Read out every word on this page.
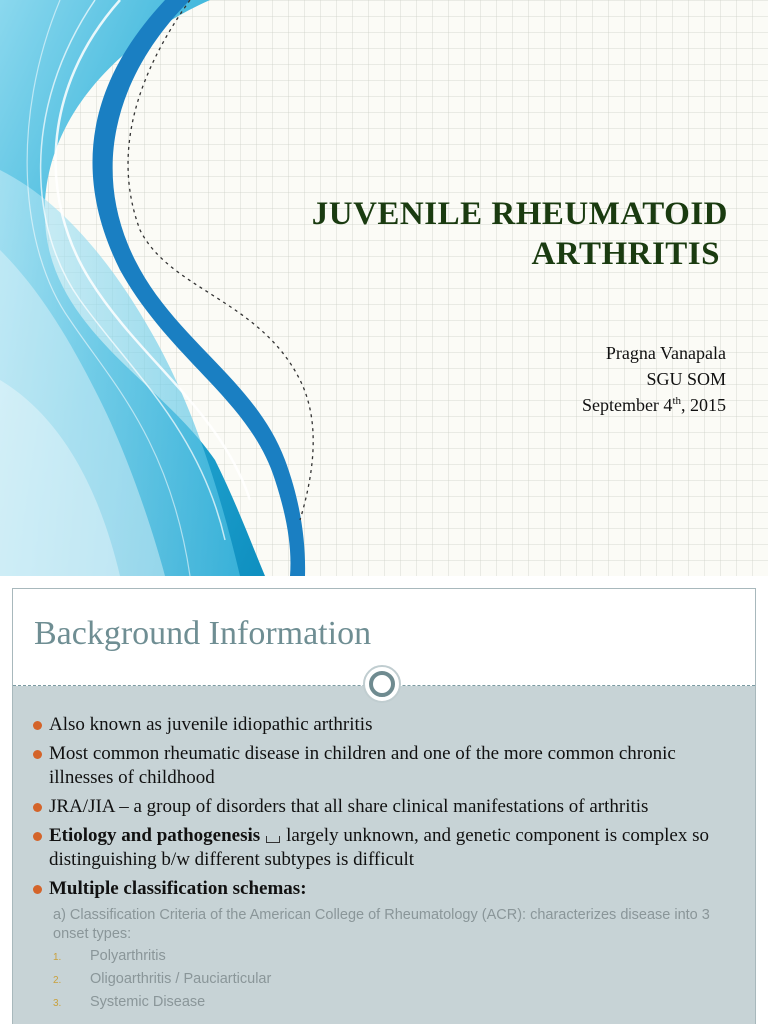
JUVENILE RHEUMATOID
ARTHRITIS

Pragna Vanapala

SGU SOM

September 4th, 2015

Background Information

Also known as juvenile idiopathic arthritis

Most common rheumatic disease in children and one of the more common chronic illnesses of childhood

JRA/JIA – a group of disorders that all share clinical manifestations of arthritis

Etiology and pathogenesis largely unknown, and genetic component is complex so distinguishing b/w different subtypes is difficult

Multiple classification schemas:

a) Classification Criteria of the American College of Rheumatology (ACR): characterizes disease into 3 onset types:

1. Polyarthritis

2. Oligoarthritis / Pauciarticular

3. Systemic Disease
